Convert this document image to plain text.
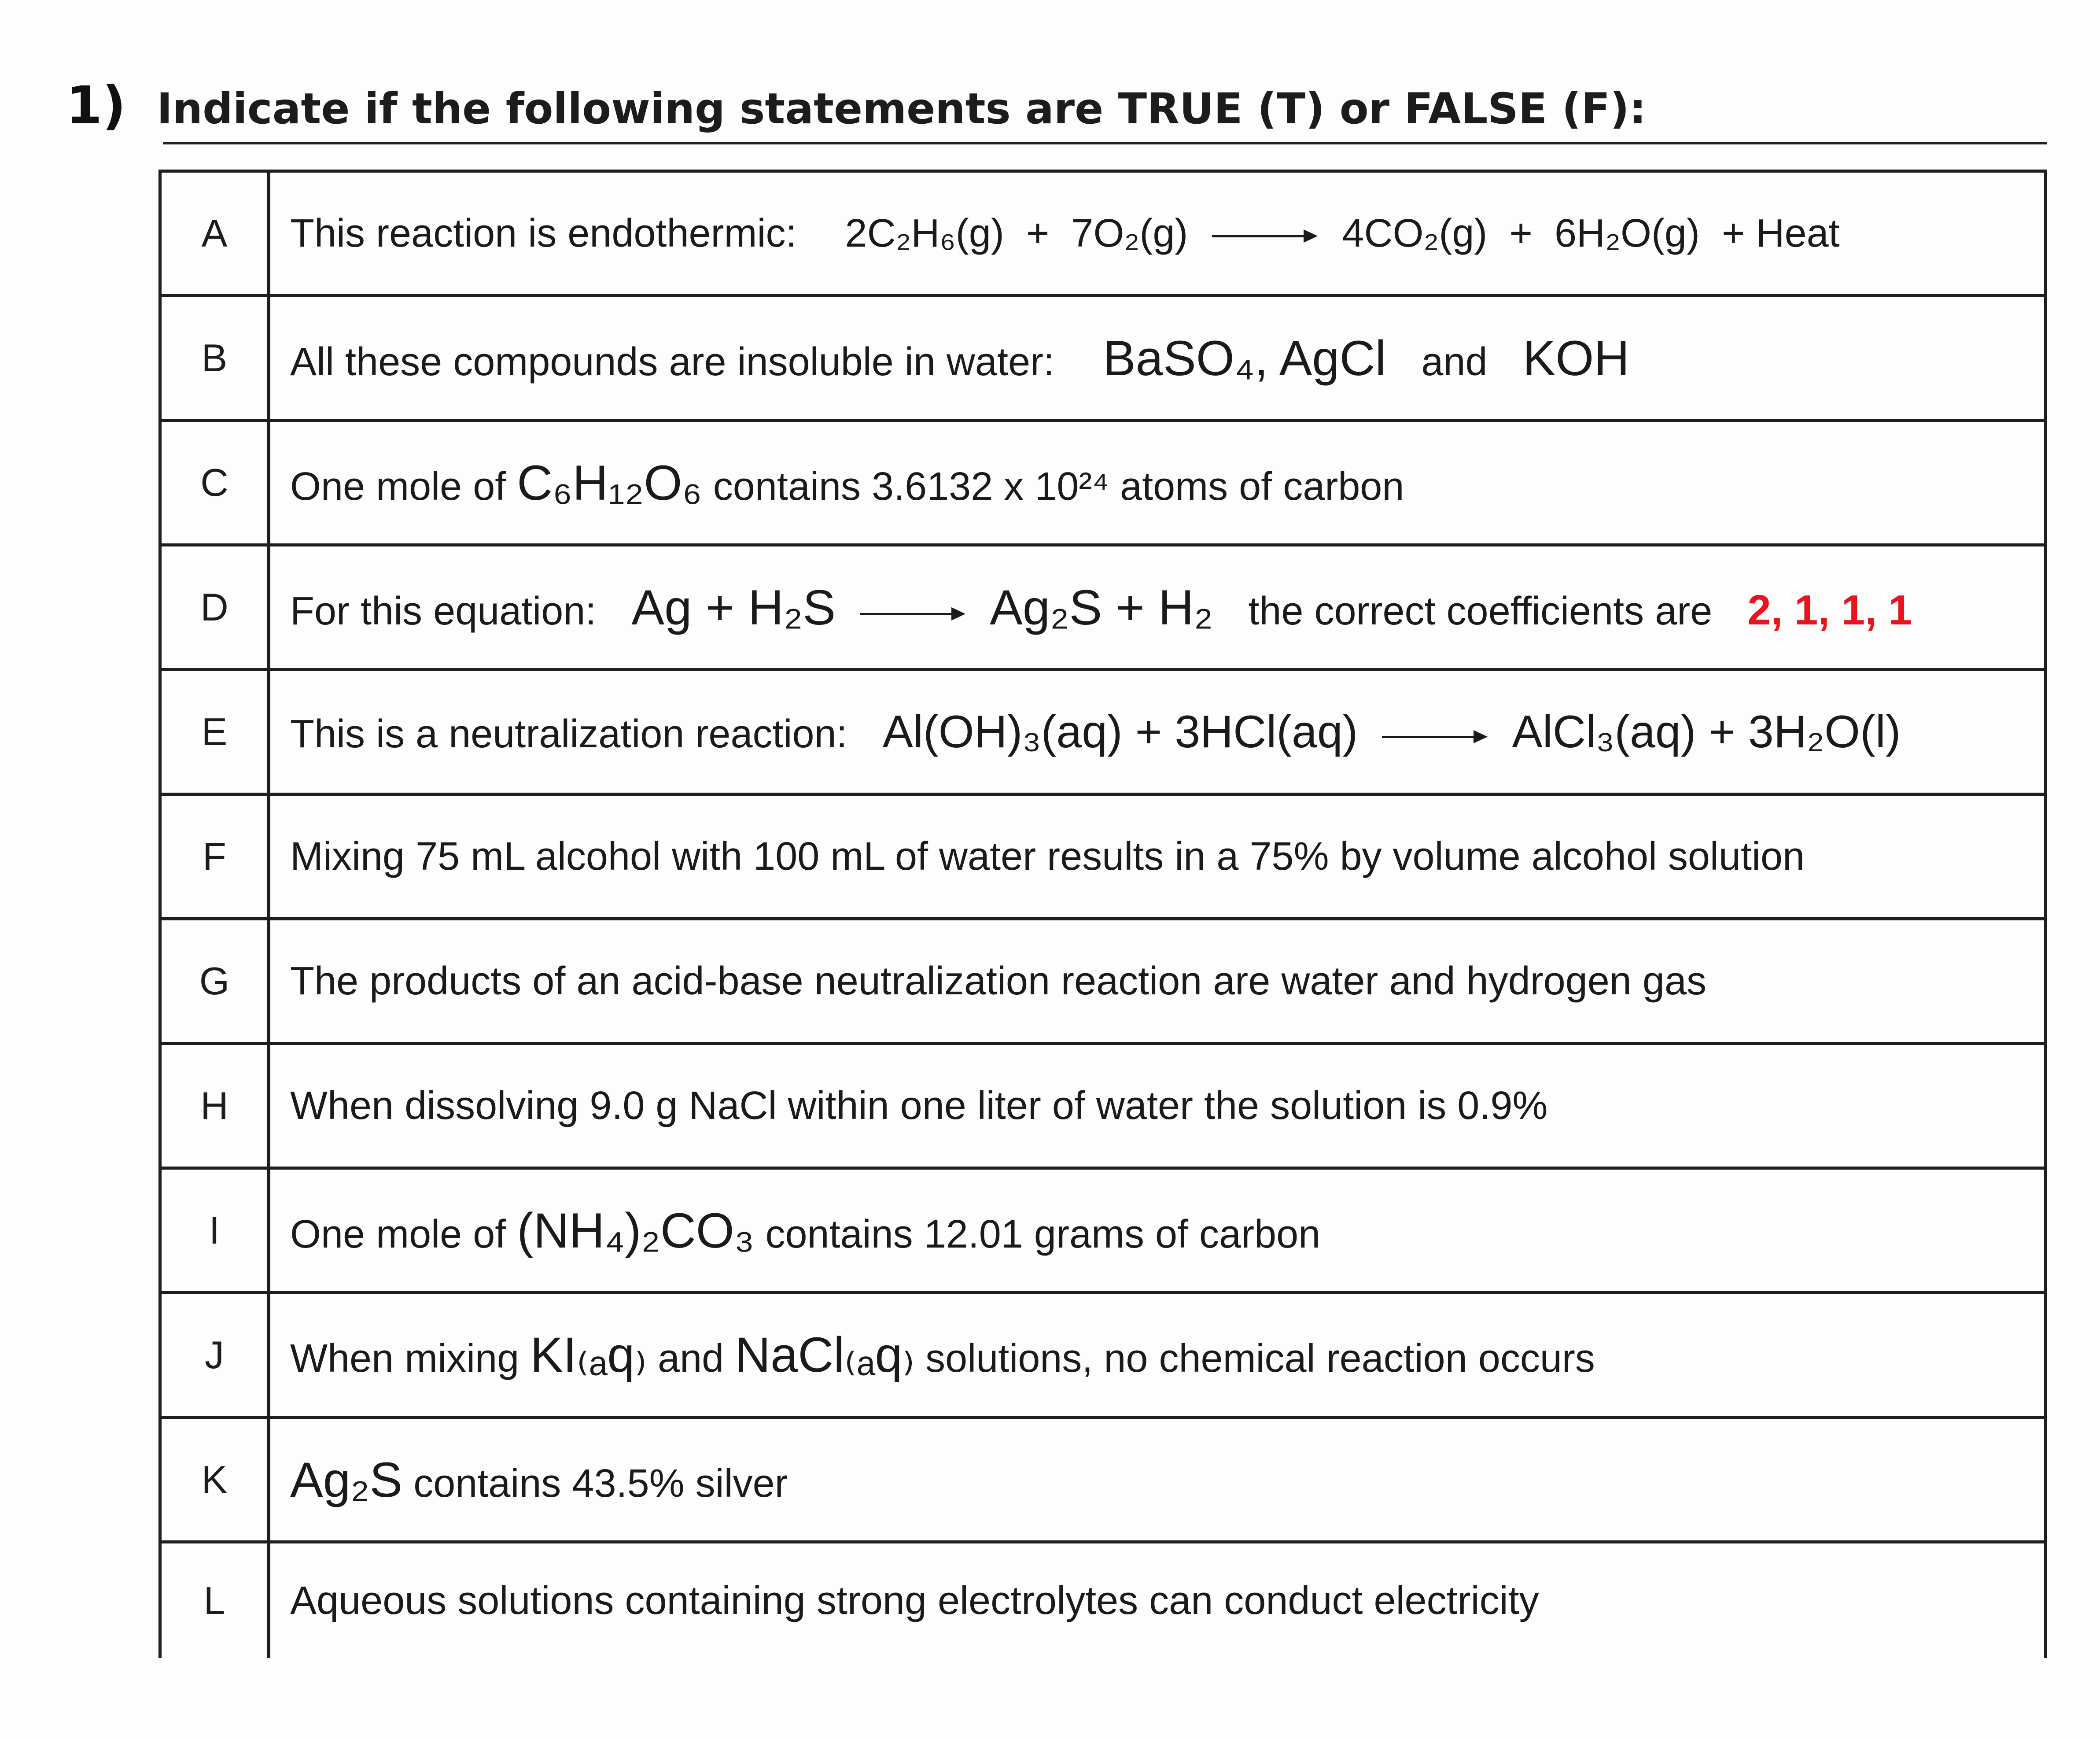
1) Indicate if the following statements are TRUE (T) or FALSE (F):
A	This reaction is endothermic: 2C₂H₆(g)  +  7O₂(g) 4CO₂(g)  +  6H₂O(g)  + Heat
B	All these compounds are insoluble in water: BaSO₄, AgCl and KOH
C	One mole of C₆H₁₂O₆ contains 3.6132 x 10²⁴ atoms of carbon
D	For this equation: Ag + H₂S Ag₂S + H₂ the correct coefficients are 2, 1, 1, 1
E	This is a neutralization reaction: Al(OH)₃(aq) + 3HCl(aq) AlCl₃(aq) + 3H₂O(l)
F	Mixing 75 mL alcohol with 100 mL of water results in a 75% by volume alcohol solution
G	The products of an acid-base neutralization reaction are water and hydrogen gas
H	When dissolving 9.0 g NaCl within one liter of water the solution is 0.9%
I	One mole of (NH₄)₂CO₃ contains 12.01 grams of carbon
J	When mixing KI₍ₐq₎ and NaCl₍ₐq₎ solutions, no chemical reaction occurs
K	Ag₂S contains 43.5% silver
L	Aqueous solutions containing strong electrolytes can conduct electricity
